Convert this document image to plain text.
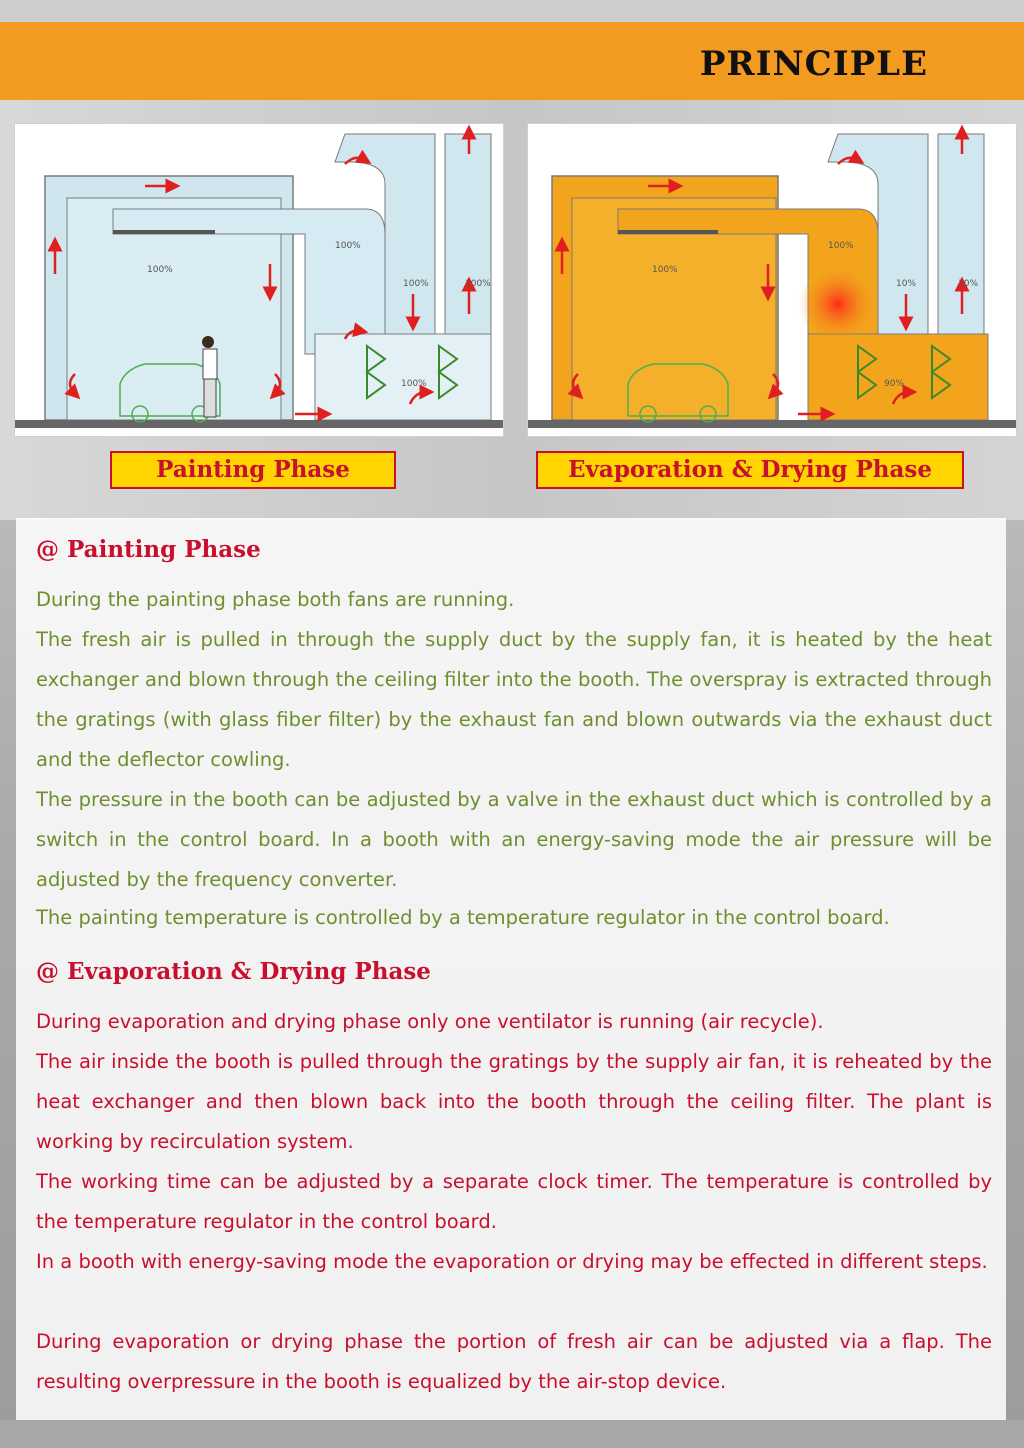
PRINCIPLE
100%
100%
100%	100%
100%
100%
100%
10%	10%
90%
Painting Phase	Evaporation & Drying Phase
@ Painting Phase

During the painting phase both fans are running.

The fresh air is pulled in through the supply duct by the supply fan, it is heated by the heat exchanger and blown through the ceiling filter into the booth. The overspray is extracted through the gratings (with glass fiber filter) by the exhaust fan and blown outwards via the exhaust duct and the deflector cowling.

The pressure in the booth can be adjusted by a valve in the exhaust duct which is controlled by a switch in the control board. In a booth with an energy-saving mode the air pressure will be adjusted by the frequency converter.

The painting temperature is controlled by a temperature regulator in the control board.

@ Evaporation & Drying Phase

During evaporation and drying phase only one ventilator is running (air recycle).

The air inside the booth is pulled through the gratings by the supply air fan, it is reheated by the heat exchanger and then blown back into the booth through the ceiling filter. The plant is working by recirculation system.

The working time can be adjusted by a separate clock timer. The temperature is controlled by the temperature regulator in the control board.

In a booth with energy-saving mode the evaporation or drying may be effected in different steps.

During evaporation or drying phase the portion of fresh air can be adjusted via a flap. The resulting overpressure in the booth is equalized by the air-stop device.
